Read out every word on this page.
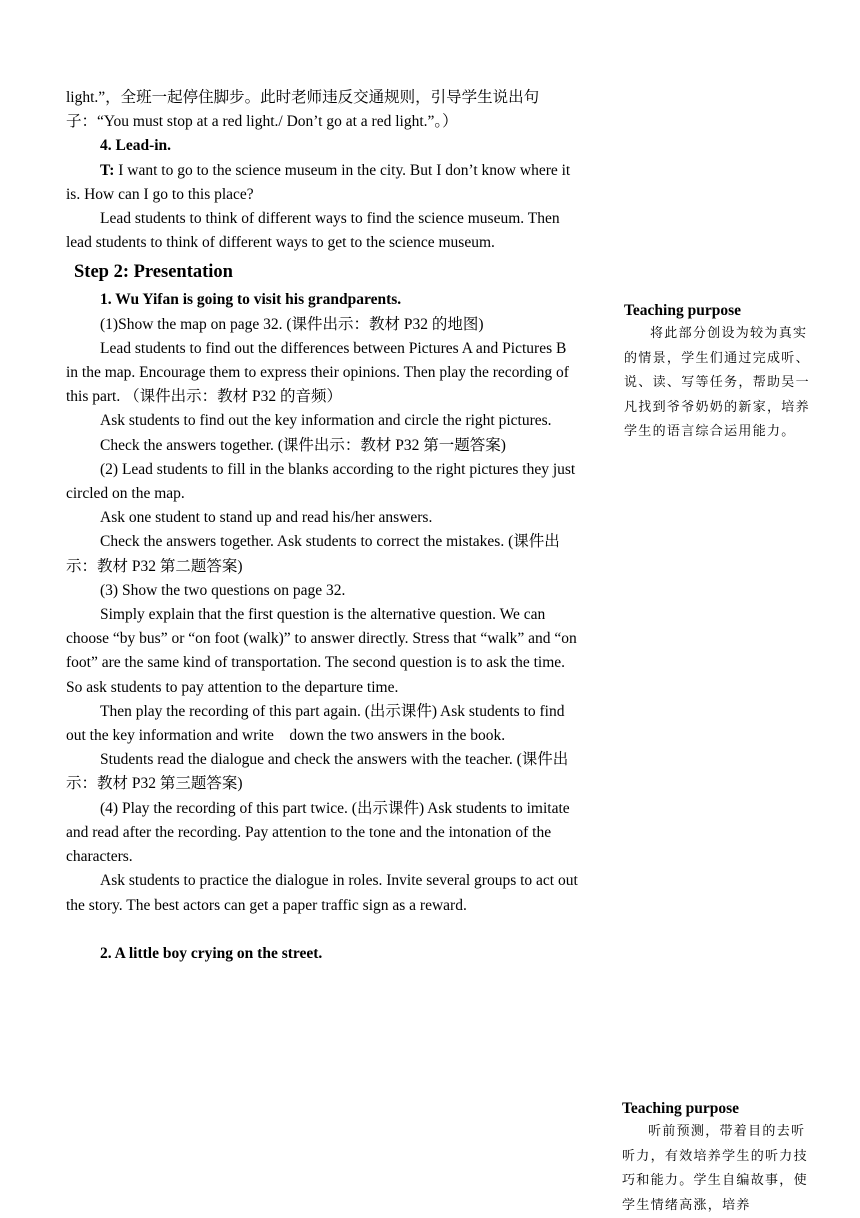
light.”，全班一起停住脚步。此时老师违反交通规则，引导学生说出句子：“You must stop at a red light./ Don’t go at a red light.”。）

4. Lead-in.

T: I want to go to the science museum in the city. But I don’t know where it is. How can I go to this place?

Lead students to think of different ways to find the science museum. Then lead students to think of different ways to get to the science museum.

Step 2: Presentation

1. Wu Yifan is going to visit his grandparents.

(1)Show the map on page 32. (课件出示：教材 P32 的地图)

Lead students to find out the differences between Pictures A and Pictures B in the map. Encourage them to express their opinions. Then play the recording of this part. （课件出示：教材 P32 的音频）

Ask students to find out the key information and circle the right pictures.

Check the answers together. (课件出示：教材 P32 第一题答案)

(2) Lead students to fill in the blanks according to the right pictures they just circled on the map.

Ask one student to stand up and read his/her answers.

Check the answers together. Ask students to correct the mistakes. (课件出示：教材 P32 第二题答案)

(3) Show the two questions on page 32.

Simply explain that the first question is the alternative question. We can choose “by bus” or “on foot (walk)” to answer directly. Stress that “walk” and “on foot” are the same kind of transportation. The second question is to ask the time. So ask students to pay attention to the departure time.

Then play the recording of this part again. (出示课件) Ask students to find out the key information and write　down the two answers in the book.

Students read the dialogue and check the answers with the teacher. (课件出示：教材 P32 第三题答案)

(4) Play the recording of this part twice. (出示课件) Ask students to imitate and read after the recording. Pay attention to the tone and the intonation of the characters.

Ask students to practice the dialogue in roles. Invite several groups to act out the story. The best actors can get a paper traffic sign as a reward.

2. A little boy crying on the street.

Teaching purpose

将此部分创设为较为真实的情景，学生们通过完成听、说、读、写等任务，帮助吴一凡找到爷爷奶奶的新家，培养学生的语言综合运用能力。

Teaching purpose

听前预测，带着目的去听听力，有效培养学生的听力技巧和能力。学生自编故事，使学生情绪高涨，培养
